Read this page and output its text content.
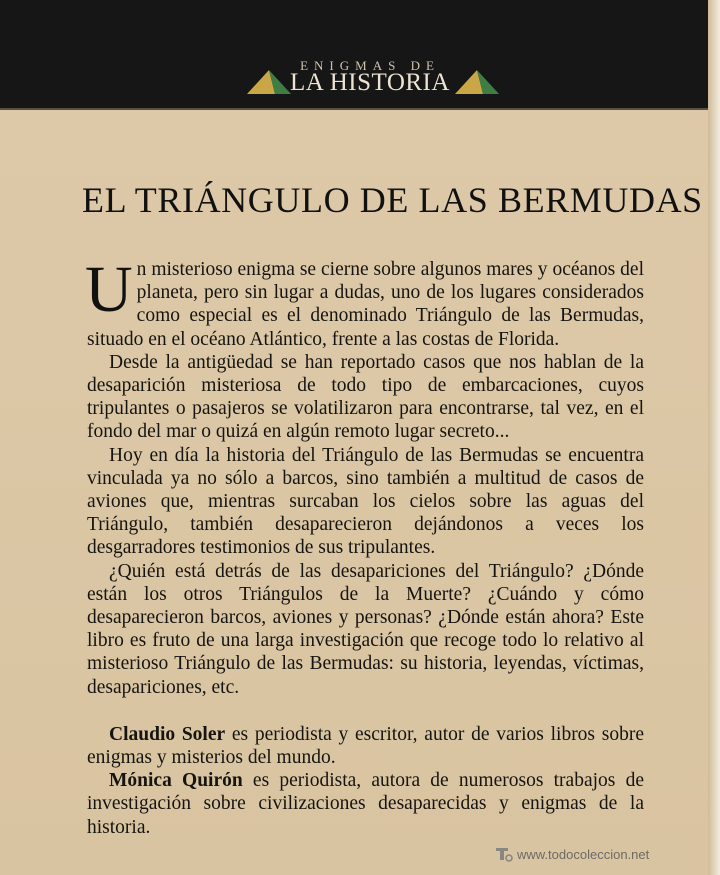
ENIGMAS DE
LA HISTORIA
EL TRIÁNGULO DE LAS BERMUDAS

Un misterioso enigma se cierne sobre algunos mares y océanos del planeta, pero sin lugar a dudas, uno de los lugares considerados como especial es el denominado Triángulo de las Bermudas, situado en el océano Atlántico, frente a las costas de Florida.

Desde la antigüedad se han reportado casos que nos hablan de la desaparición misteriosa de todo tipo de embarcaciones, cuyos tripulantes o pasajeros se volatilizaron para encontrarse, tal vez, en el fondo del mar o quizá en algún remoto lugar secreto...

Hoy en día la historia del Triángulo de las Bermudas se encuentra vinculada ya no sólo a barcos, sino también a multitud de casos de aviones que, mientras surcaban los cielos sobre las aguas del Triángulo, también desaparecieron dejándonos a veces los desgarradores testimonios de sus tripulantes.

¿Quién está detrás de las desapariciones del Triángulo? ¿Dónde están los otros Triángulos de la Muerte? ¿Cuándo y cómo desaparecieron barcos, aviones y personas? ¿Dónde están ahora? Este libro es fruto de una larga investigación que recoge todo lo relativo al misterioso Triángulo de las Bermudas: su historia, leyendas, víctimas, desapariciones, etc.

Claudio Soler es periodista y escritor, autor de varios libros sobre enigmas y misterios del mundo.

Mónica Quirón es periodista, autora de numerosos trabajos de investigación sobre civilizaciones desaparecidas y enigmas de la historia.

www.todocoleccion.net
